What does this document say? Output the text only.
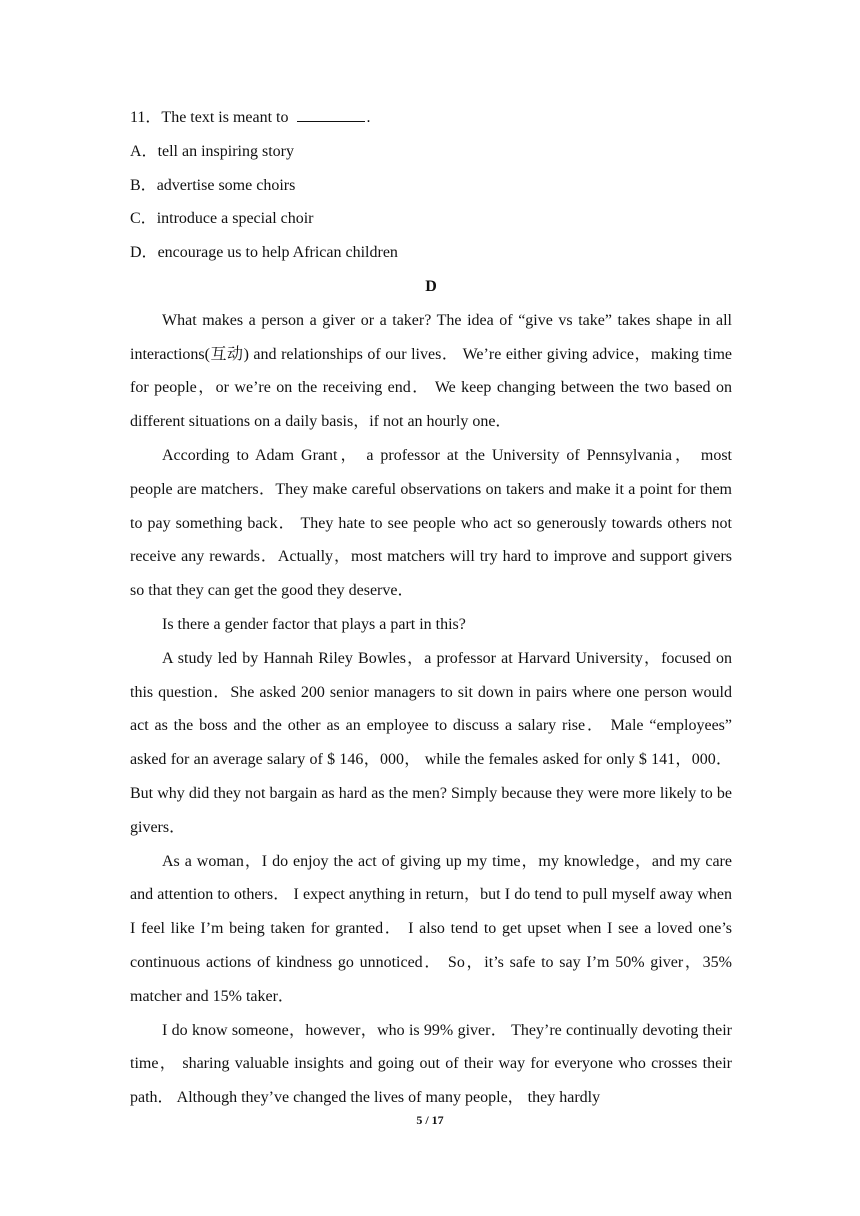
11．The text is meant to	.

A．tell an inspiring story

B．advertise some choirs

C．introduce a special choir

D．encourage us to help African children

D

What makes a person a giver or a taker? The idea of “give vs take” takes shape in all interactions(互动) and relationships of our lives． We’re either giving advice，making time for people，or we’re on the receiving end． We keep changing between the two based on different situations on a daily basis，if not an hourly one．

According to Adam Grant， a professor at the University of Pennsylvania， most people are matchers．They make careful observations on takers and make it a point for them to pay something back． They hate to see people who act so generously towards others not receive any rewards．Actually，most matchers will try hard to improve and support givers so that they can get the good they deserve．

Is there a gender factor that plays a part in this?

A study led by Hannah Riley Bowles，a professor at Harvard University，focused on this question．She asked 200 senior managers to sit down in pairs where one person would act as the boss and the other as an employee to discuss a salary rise． Male “employees” asked for an average salary of $ 146，000， while the females asked for only $ 141，000． But why did they not bargain as hard as the men? Simply because they were more likely to be givers．

As a woman，I do enjoy the act of giving up my time，my knowledge，and my care and attention to others． I expect anything in return，but I do tend to pull myself away when I feel like I’m being taken for granted． I also tend to get upset when I see a loved one’s continuous actions of kindness go unnoticed． So，it’s safe to say I’m 50% giver，35% matcher and 15% taker．

I do know someone，however，who is 99% giver． They’re continually devoting their time， sharing valuable insights and going out of their way for everyone who crosses their path． Although they’ve changed the lives of many people， they hardly

5 / 17
